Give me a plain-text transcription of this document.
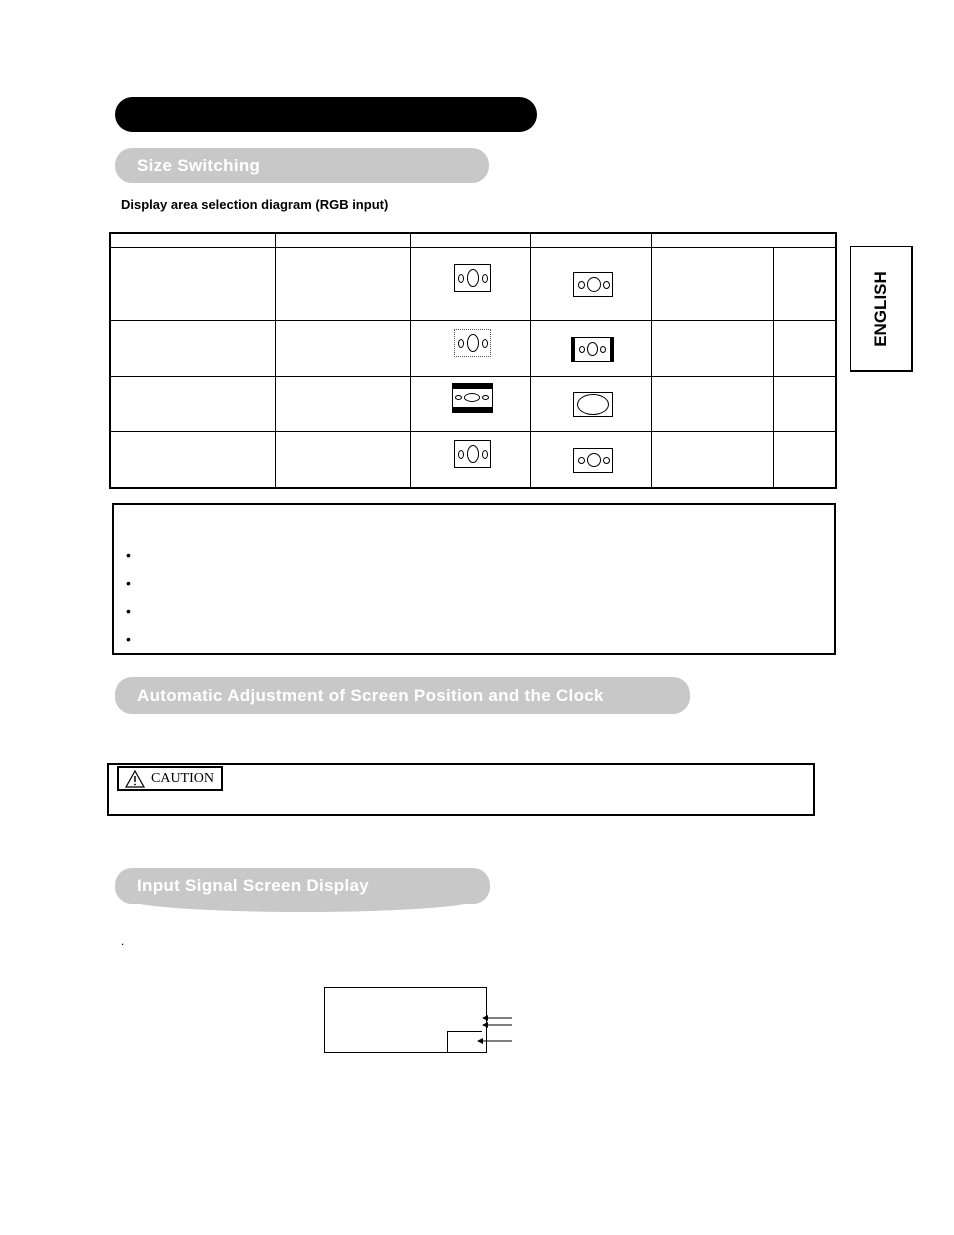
Size Switching
Display area selection diagram (RGB input)
ENGLISH
•
•
•
•
Automatic Adjustment of Screen Position and the Clock
CAUTION
Input Signal Screen Display
.
